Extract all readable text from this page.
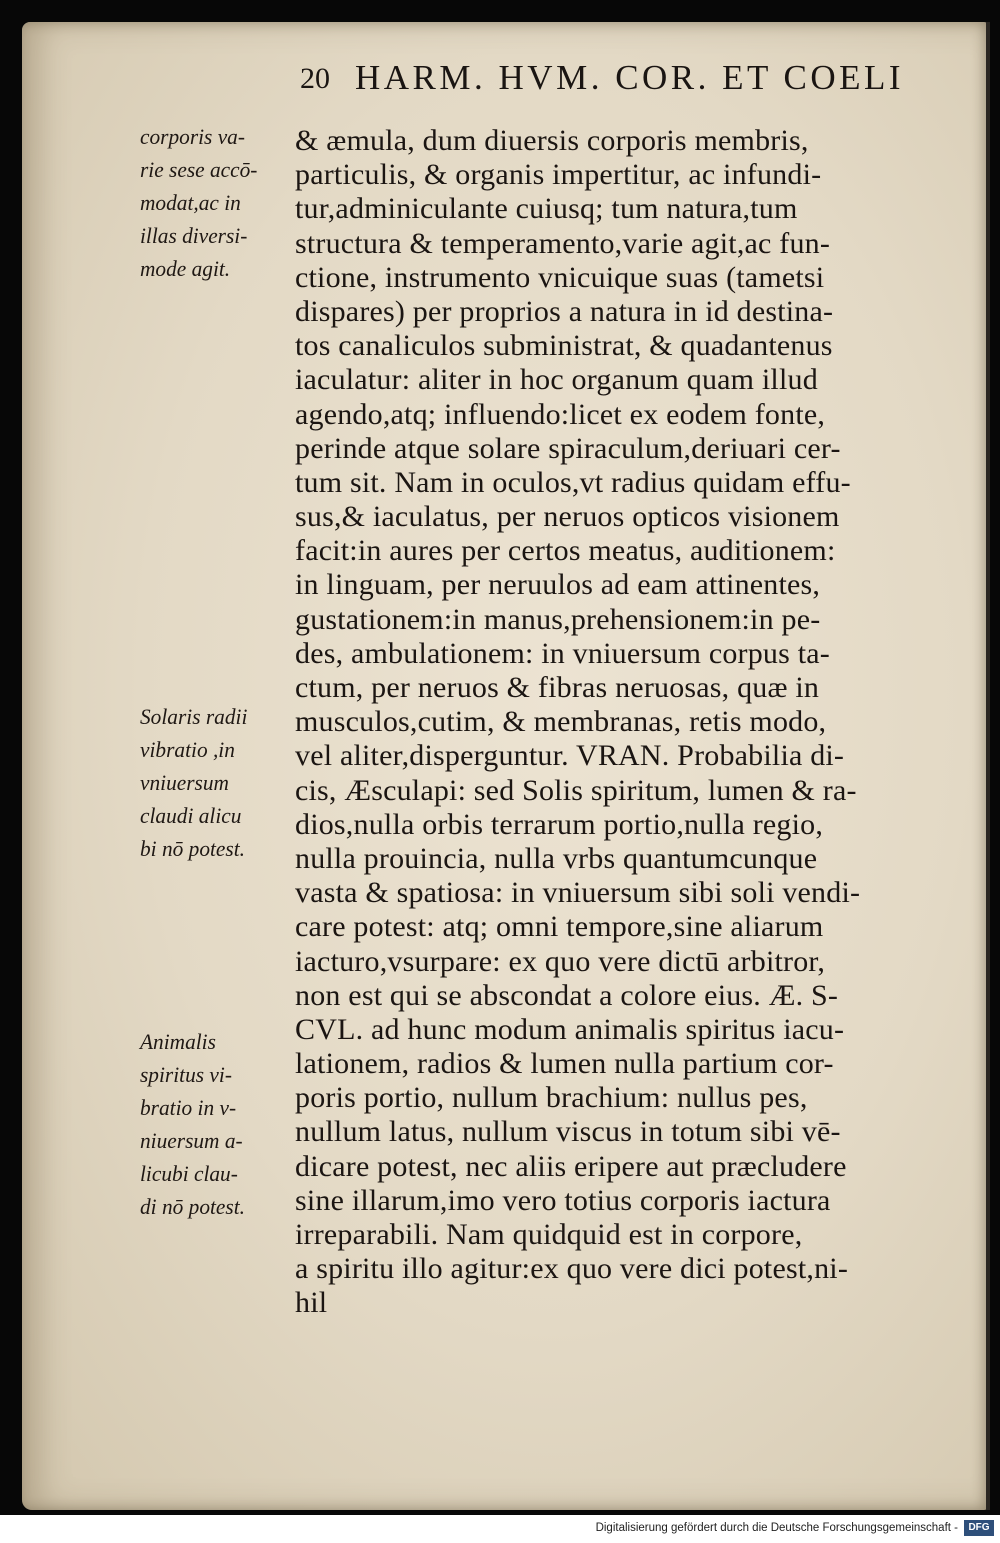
20 HARM. HVM. COR. ET COELI
corporis va-
rie sese accō-
modat,ac in
illas diversi-
mode agit.
Solaris radii
vibratio ,in
vniuersum
claudi alicu
bi nō potest.
Animalis
spiritus vi-
bratio in v-
niuersum a-
licubi clau-
di nō potest.
& æmula, dum diuersis corporis membris,
particulis, & organis impertitur, ac infundi-
tur,adminiculante cuiusq; tum natura,tum
structura & temperamento,varie agit,ac fun-
ctione, instrumento vnicuique suas (tametsi
dispares) per proprios a natura in id destina-
tos canaliculos subministrat, & quadantenus
iaculatur: aliter in hoc organum quam illud
agendo,atq; influendo:licet ex eodem fonte,
perinde atque solare spiraculum,deriuari cer-
tum sit. Nam in oculos,vt radius quidam effu-
sus,& iaculatus, per neruos opticos visionem
facit:in aures per certos meatus, auditionem:
in linguam, per neruulos ad eam attinentes,
gustationem:in manus,prehensionem:in pe-
des, ambulationem: in vniuersum corpus ta-
ctum, per neruos & fibras neruosas, quæ in
musculos,cutim, & membranas, retis modo,
vel aliter,disperguntur. VRAN. Probabilia di-
cis, Æsculapi: sed Solis spiritum, lumen & ra-
dios,nulla orbis terrarum portio,nulla regio,
nulla prouincia, nulla vrbs quantumcunque
vasta & spatiosa: in vniuersum sibi soli vendi-
care potest: atq; omni tempore,sine aliarum
iacturo,vsurpare: ex quo vere dictū arbitror,
non est qui se abscondat a colore eius. Æ. S-
CVL. ad hunc modum animalis spiritus iacu-
lationem, radios & lumen nulla partium cor-
poris portio, nullum brachium: nullus pes,
nullum latus, nullum viscus in totum sibi vē-
dicare potest, nec aliis eripere aut præcludere
sine illarum,imo vero totius corporis iactura
irreparabili. Nam quidquid est in corpore,
a spiritu illo agitur:ex quo vere dici potest,ni-
hil
Digitalisierung gefördert durch die Deutsche Forschungsgemeinschaft -	DFG
